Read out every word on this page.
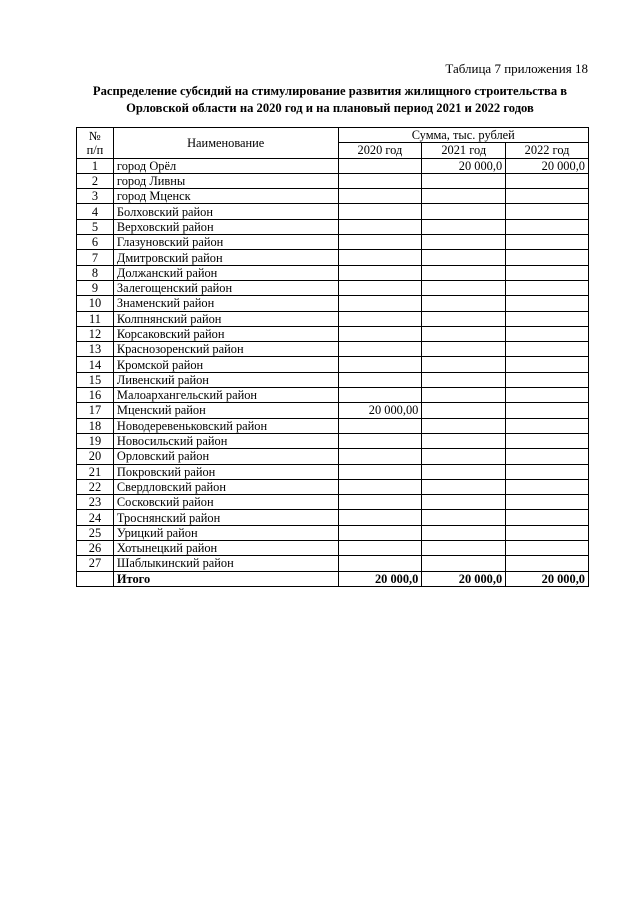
Таблица 7 приложения 18
Распределение субсидий на стимулирование развития жилищного строительства в
Орловской области на 2020 год и на плановый период 2021 и 2022 годов
№
п/п	Наименование	Сумма, тыс. рублей		
		2020 год	2021 год	2022 год
1	город Орёл		20 000,0	20 000,0
2	город Ливны			
3	город Мценск			
4	Болховский район			
5	Верховский район			
6	Глазуновский район			
7	Дмитровский район			
8	Должанский район			
9	Залегощенский район			
10	Знаменский район			
11	Колпнянский район			
12	Корсаковский район			
13	Краснозоренский район			
14	Кромской район			
15	Ливенский район			
16	Малоархангельский район			
17	Мценский район	20 000,00		
18	Новодеревеньковский район			
19	Новосильский район			
20	Орловский район			
21	Покровский район			
22	Свердловский район			
23	Сосковский район			
24	Троснянский район			
25	Урицкий район			
26	Хотынецкий район			
27	Шаблыкинский район			
	Итого	20 000,0	20 000,0	20 000,0
